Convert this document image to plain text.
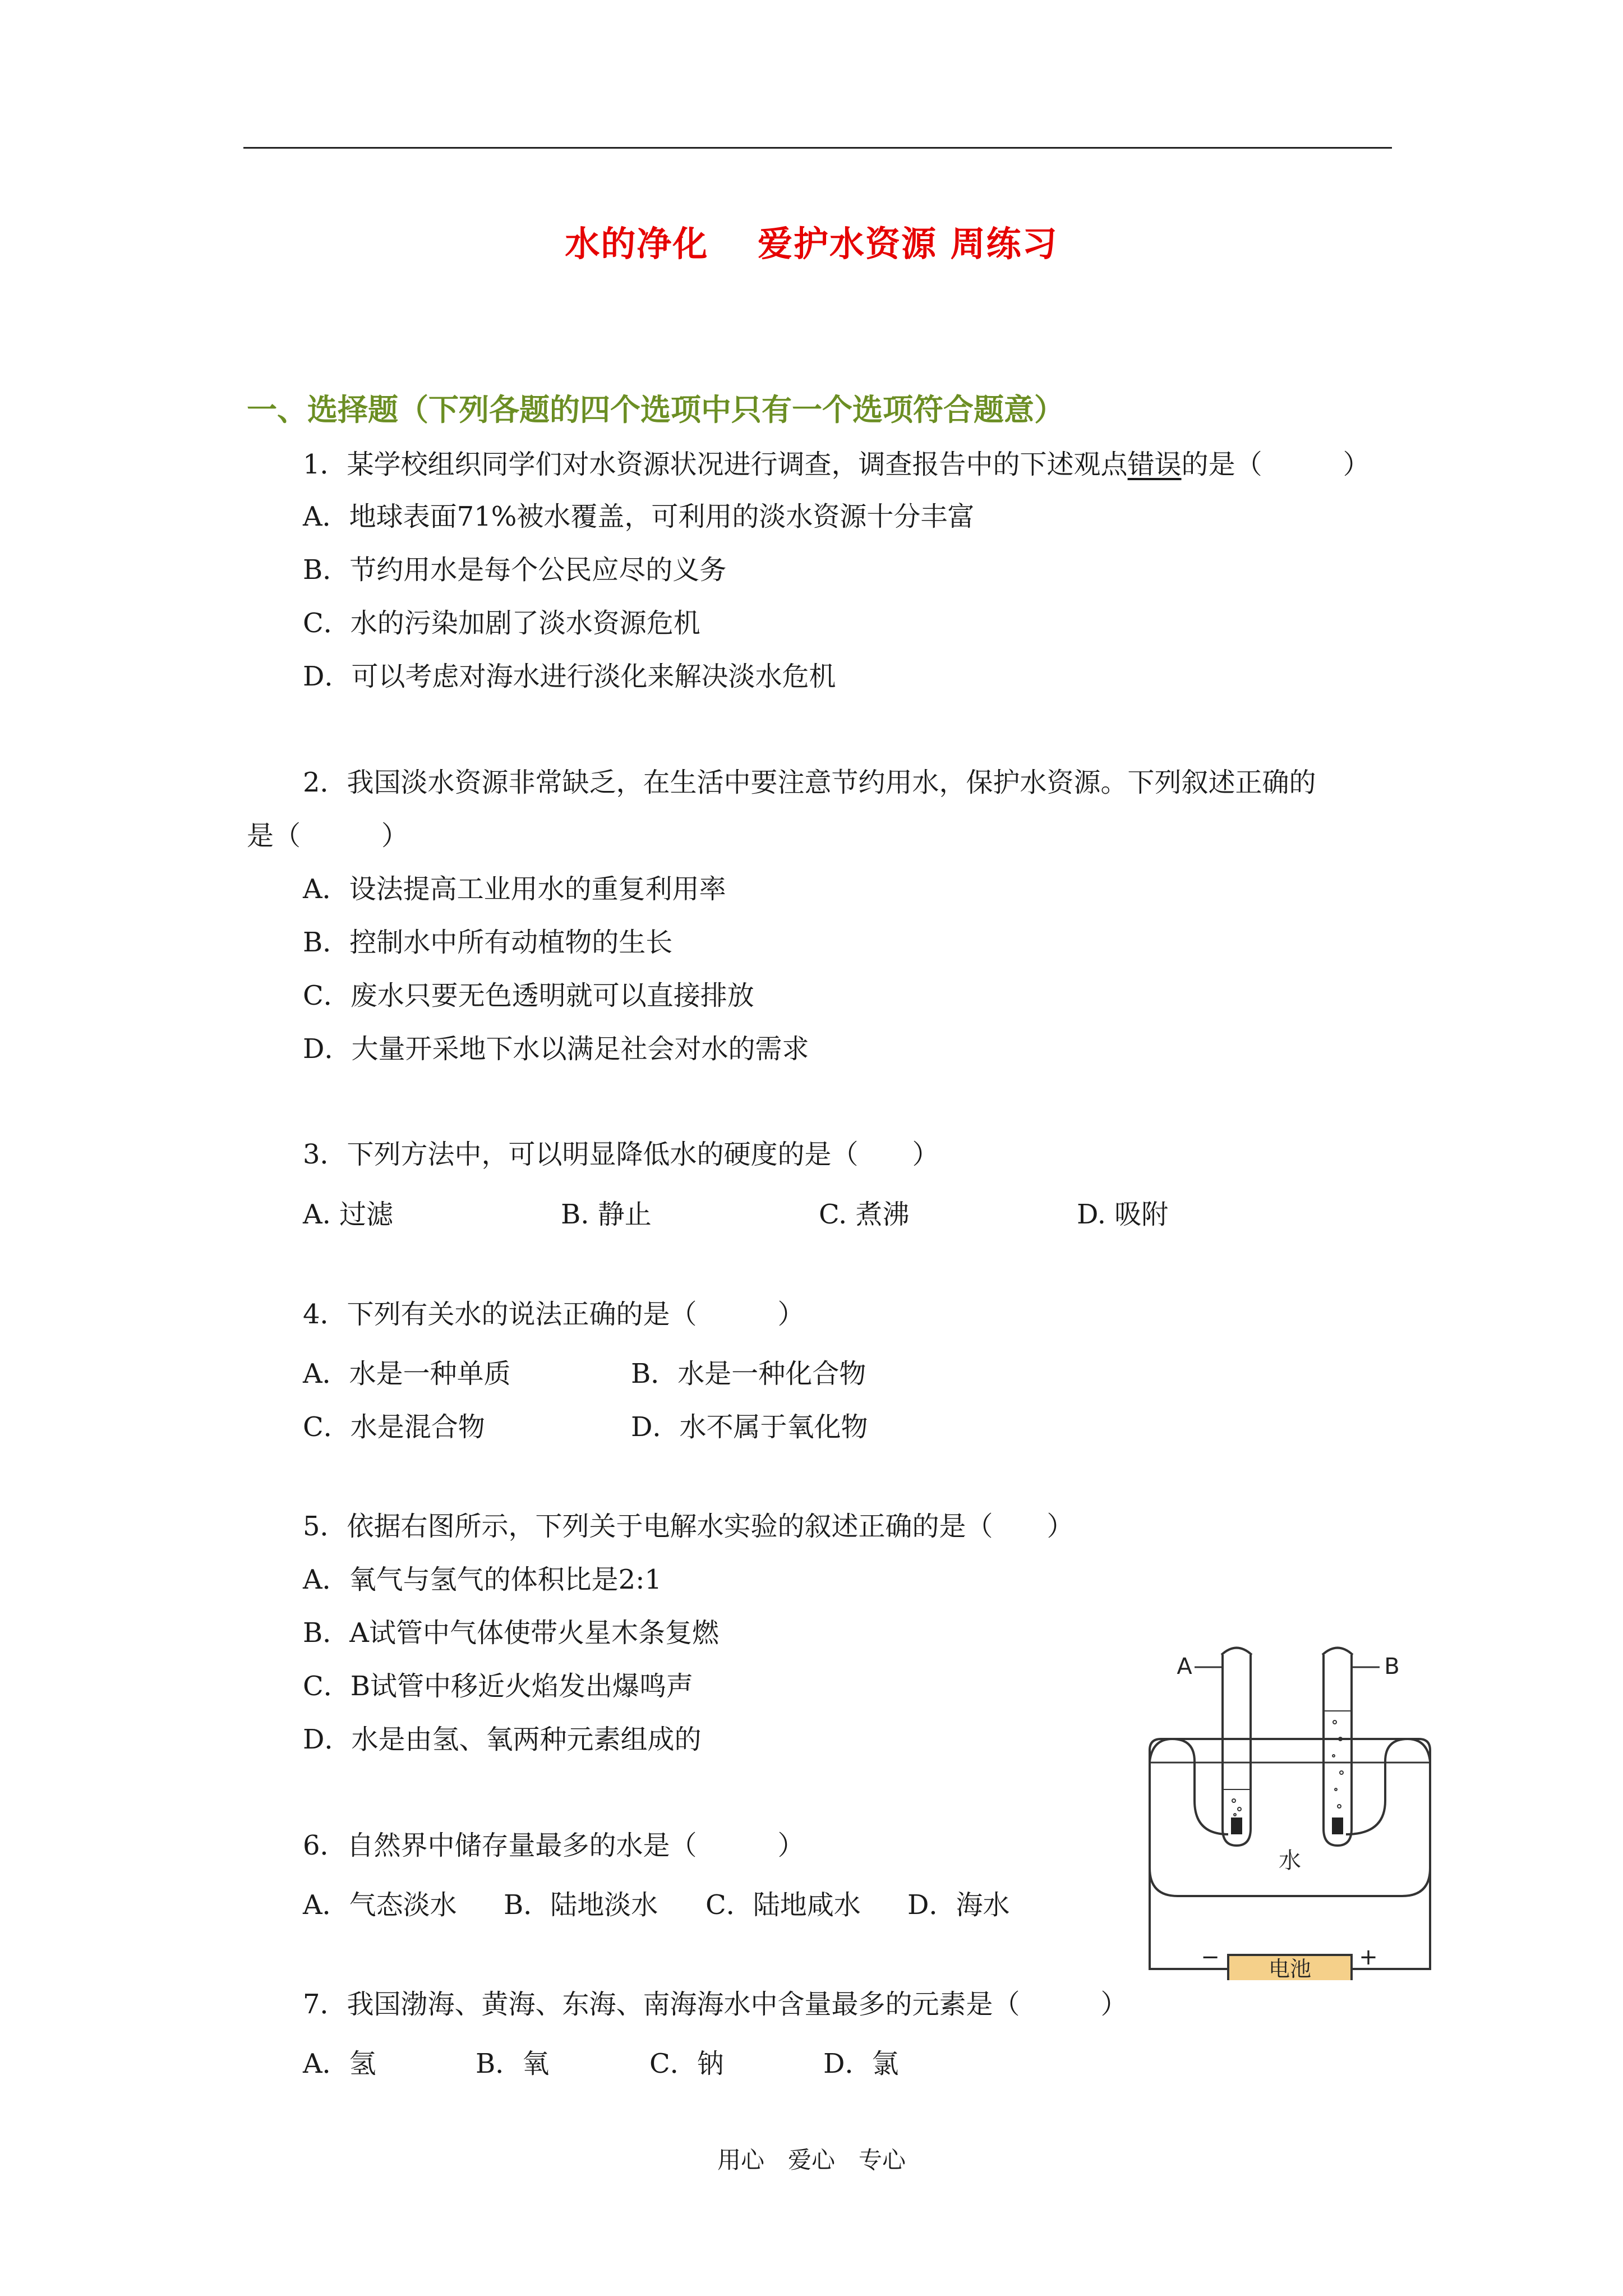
水的净化　 爱护水资源 周练习
一、选择题（下列各题的四个选项中只有一个选项符合题意）
1．某学校组织同学们对水资源状况进行调查，调查报告中的下述观点错误的是（　　　）
A．地球表面71%被水覆盖，可利用的淡水资源十分丰富
B．节约用水是每个公民应尽的义务
C．水的污染加剧了淡水资源危机
D．可以考虑对海水进行淡化来解决淡水危机
2．我国淡水资源非常缺乏，在生活中要注意节约用水，保护水资源。下列叙述正确的
是（　　　）
A．设法提高工业用水的重复利用率
B．控制水中所有动植物的生长
C．废水只要无色透明就可以直接排放
D．大量开采地下水以满足社会对水的需求
3．下列方法中，可以明显降低水的硬度的是（　　）
A. 过滤	B. 静止	C. 煮沸	D. 吸附
4．下列有关水的说法正确的是（　　　）
A．水是一种单质	B．水是一种化合物
C．水是混合物	D．水不属于氧化物
5．依据右图所示，下列关于电解水实验的叙述正确的是（　　）
A．氧气与氢气的体积比是2:1
B．A试管中气体使带火星木条复燃
C．B试管中移近火焰发出爆鸣声
D．水是由氢、氧两种元素组成的
6．自然界中储存量最多的水是（　　　）
A．气态淡水 B．陆地淡水 C．陆地咸水 D．海水
7．我国渤海、黄海、东海、南海海水中含量最多的元素是（　　　）
A．氢	B．氧	C．钠	D．氯
电池
−	+
A	B
水
用心　爱心　专心
